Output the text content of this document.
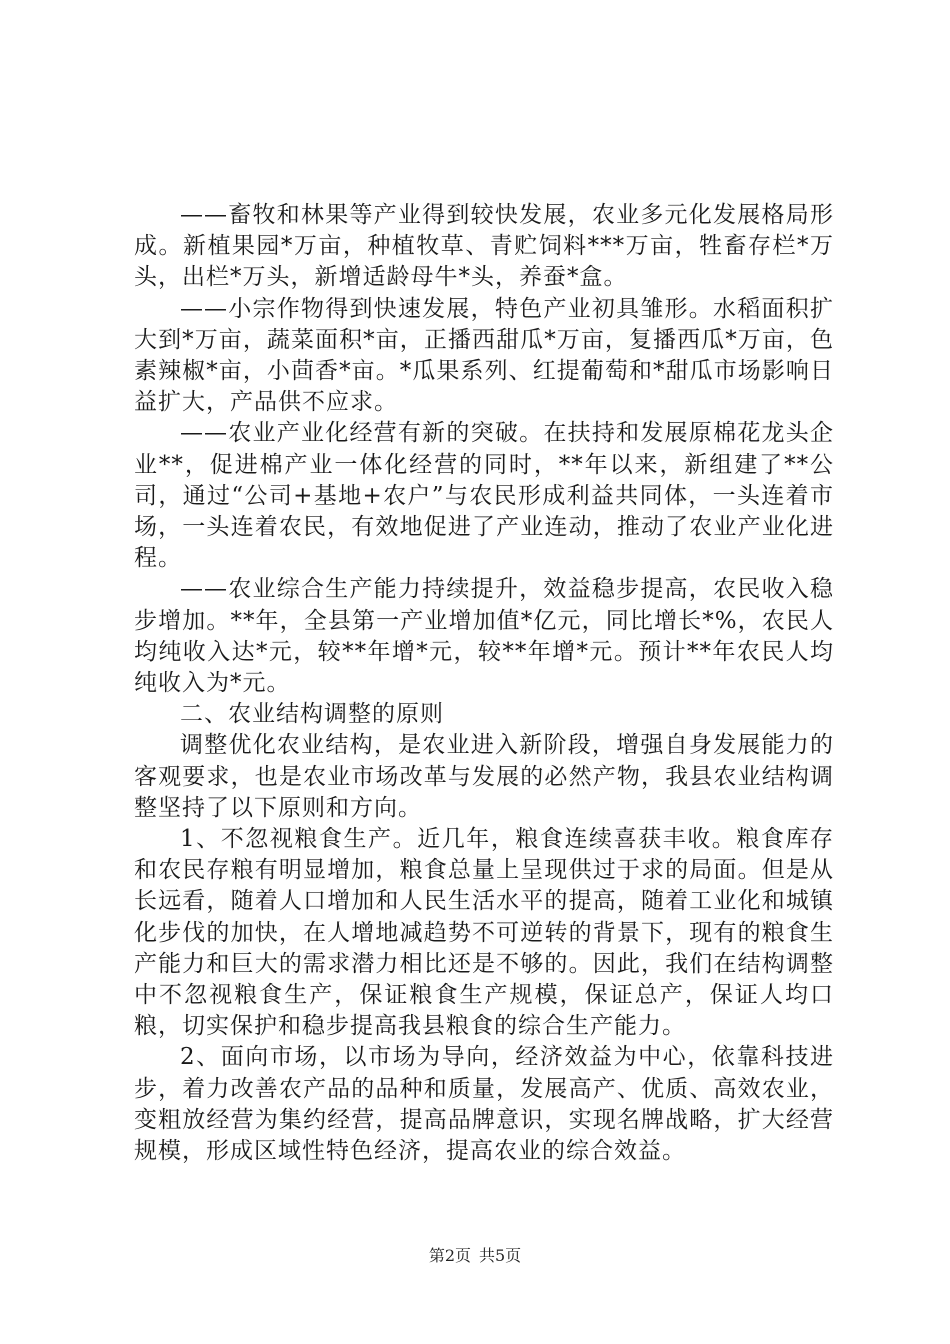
——畜牧和林果等产业得到较快发展，农业多元化发展格局形成。新植果园*万亩，种植牧草、青贮饲料***万亩，牲畜存栏*万头，出栏*万头，新增适龄母牛*头，养蚕*盒。

——小宗作物得到快速发展，特色产业初具雏形。水稻面积扩大到*万亩，蔬菜面积*亩，正播西甜瓜*万亩，复播西瓜*万亩，色素辣椒*亩，小茴香*亩。*瓜果系列、红提葡萄和*甜瓜市场影响日益扩大，产品供不应求。

——农业产业化经营有新的突破。在扶持和发展原棉花龙头企业**，促进棉产业一体化经营的同时，**年以来，新组建了**公司，通过“公司+基地+农户”与农民形成利益共同体，一头连着市场，一头连着农民，有效地促进了产业连动，推动了农业产业化进程。

——农业综合生产能力持续提升，效益稳步提高，农民收入稳步增加。**年，全县第一产业增加值*亿元，同比增长*%，农民人均纯收入达*元，较**年增*元，较**年增*元。预计**年农民人均纯收入为*元。

二、农业结构调整的原则

调整优化农业结构，是农业进入新阶段，增强自身发展能力的客观要求，也是农业市场改革与发展的必然产物，我县农业结构调整坚持了以下原则和方向。

1、不忽视粮食生产。近几年，粮食连续喜获丰收。粮食库存和农民存粮有明显增加，粮食总量上呈现供过于求的局面。但是从长远看，随着人口增加和人民生活水平的提高，随着工业化和城镇化步伐的加快，在人增地减趋势不可逆转的背景下，现有的粮食生产能力和巨大的需求潜力相比还是不够的。因此，我们在结构调整中不忽视粮食生产，保证粮食生产规模，保证总产，保证人均口粮，切实保护和稳步提高我县粮食的综合生产能力。

2、面向市场，以市场为导向，经济效益为中心，依靠科技进步，着力改善农产品的品种和质量，发展高产、优质、高效农业，变粗放经营为集约经营，提高品牌意识，实现名牌战略，扩大经营规模，形成区域性特色经济，提高农业的综合效益。

第2页 共5页
